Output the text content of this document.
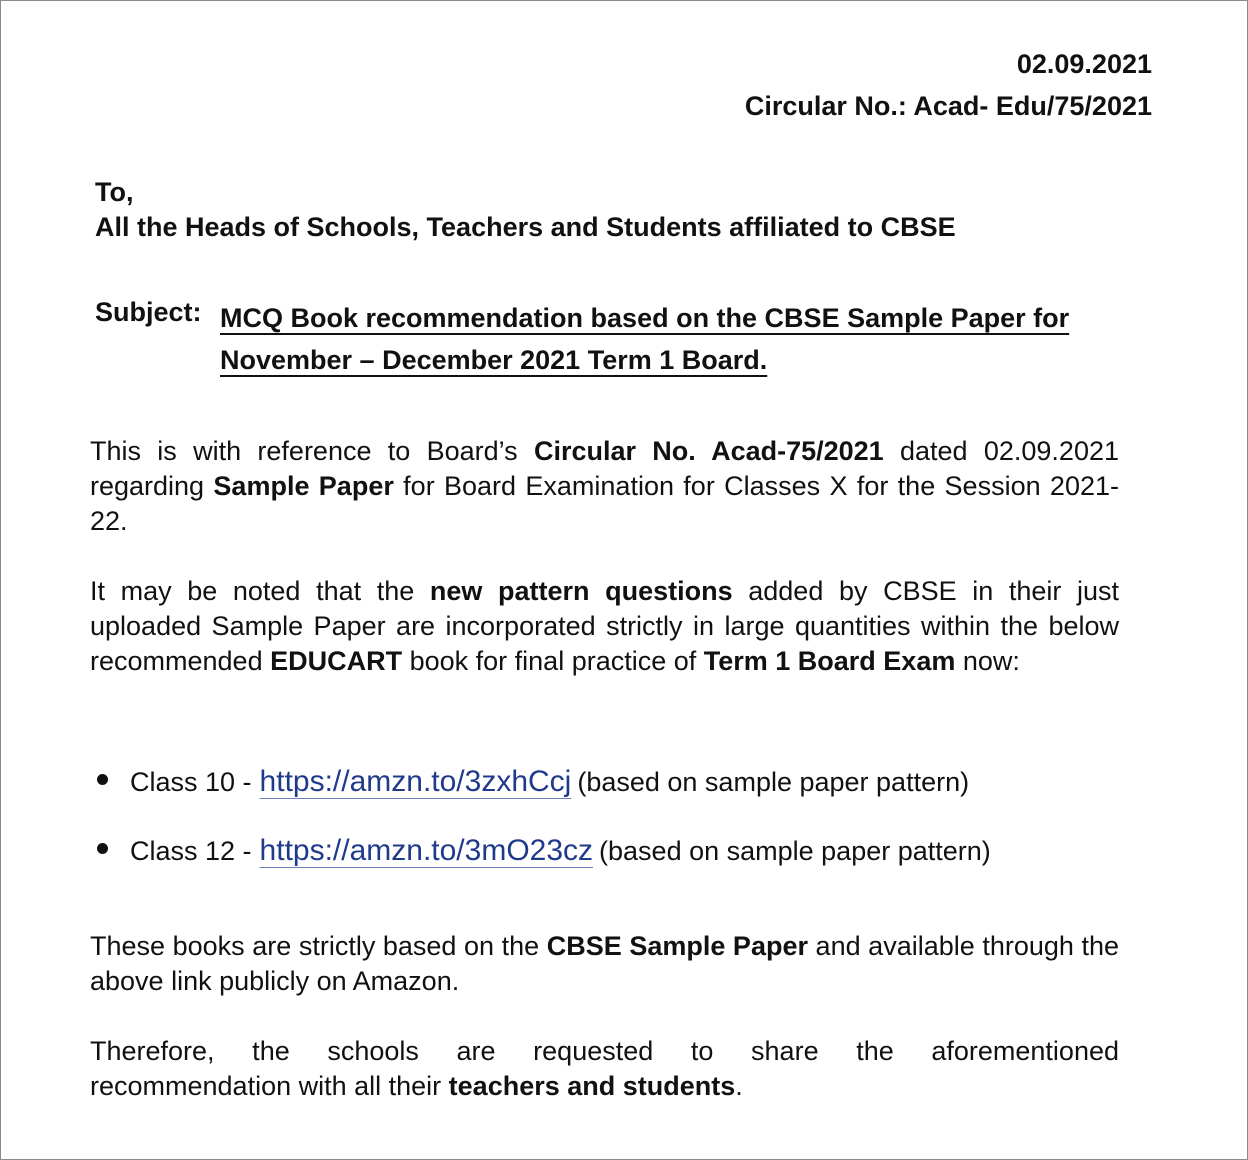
02.09.2021
Circular No.: Acad- Edu/75/2021
To,
All the Heads of Schools, Teachers and Students affiliated to CBSE
Subject: MCQ Book recommendation based on the CBSE Sample Paper for
November – December 2021 Term 1 Board.
This is with reference to Board’s Circular No. Acad-75/2021 dated 02.09.2021 regarding Sample Paper for Board Examination for Classes X for the Session 2021- 22.
It may be noted that the new pattern questions added by CBSE in their just uploaded Sample Paper are incorporated strictly in large quantities within the below recommended EDUCART book for final practice of Term 1 Board Exam now:
Class 10 - https://amzn.to/3zxhCcj (based on sample paper pattern)
Class 12 - https://amzn.to/3mO23cz (based on sample paper pattern)
These books are strictly based on the CBSE Sample Paper and available through the above link publicly on Amazon.
Therefore, the schools are requested to share the aforementioned
recommendation with all their teachers and students.
